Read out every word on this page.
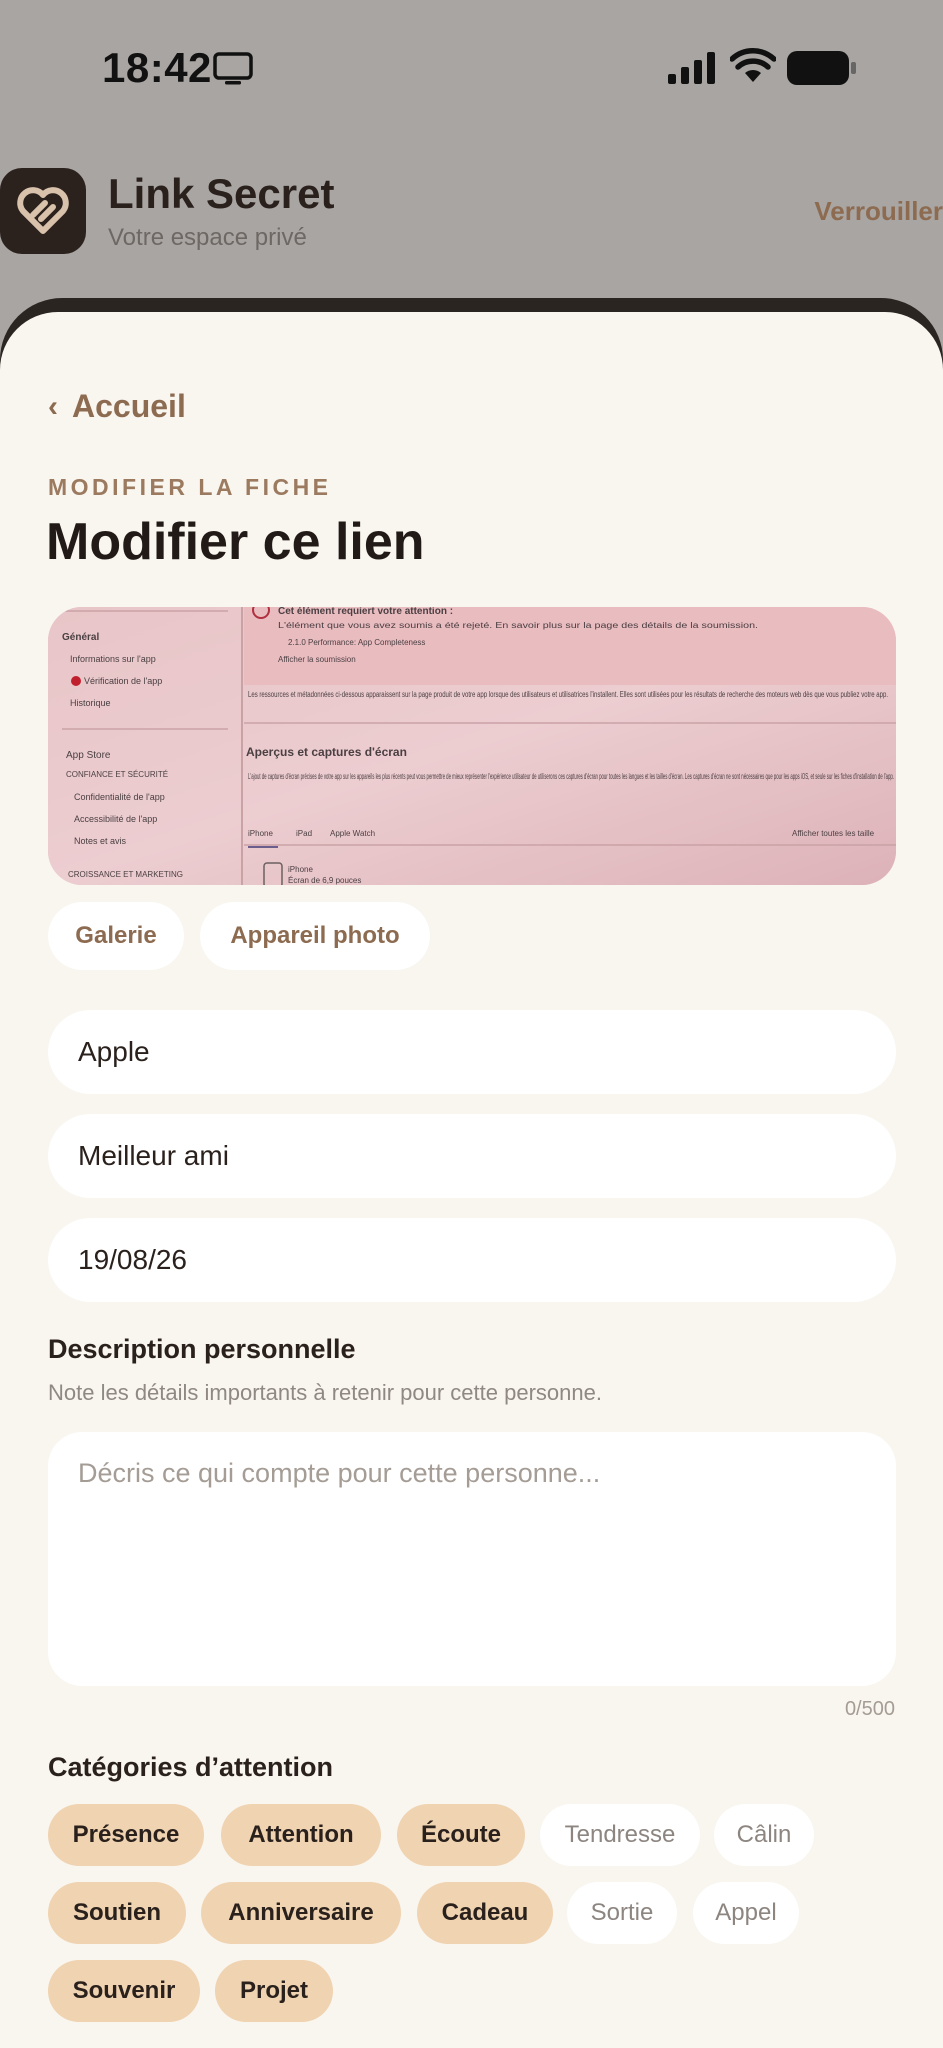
18:42
Link Secret
Votre espace privé
Verrouiller
‹ Accueil
MODIFIER LA FICHE
Modifier ce lien
Général
Informations sur l'app
Vérification de l'app
Historique
App Store
CONFIANCE ET SÉCURITÉ
Confidentialité de l'app
Accessibilité de l'app
Notes et avis
CROISSANCE ET MARKETING
Cet élément requiert votre attention :
L'élément que vous avez soumis a été rejeté. En savoir plus sur la page des détails de la soumission.
2.1.0 Performance: App Completeness
Afficher la soumission
Les ressources et métadonnées ci-dessous apparaissent sur la page produit de votre app lorsque des utilisateurs et utilisatrices l'installent. Elles sont utilisées pour les résultats de recherche des moteurs web dès que vous publiez votre app.
Aperçus et captures d'écran
L'ajout de captures d'écran précises de votre app sur les appareils les plus récents peut vous permettre de mieux représenter l'expérience utilisateur de utiliserons ces captures d'écran pour toutes les langues et les tailles d'écran. Les captures d'écran ne sont nécessaires que pour les apps iOS, et seule sur les fiches d'installation de l'app.
iPhone	iPad Apple Watch	Afficher toutes les taille
iPhone
Écran de 6,9 pouces
Galerie	Appareil photo
Apple
Meilleur ami
19/08/26
Description personnelle
Note les détails importants à retenir pour cette personne.
Décris ce qui compte pour cette personne...
0/500
Catégories d’attention
Présence	Attention	Écoute	Tendresse	Câlin
Soutien	Anniversaire	Cadeau	Sortie	Appel
Souvenir	Projet
